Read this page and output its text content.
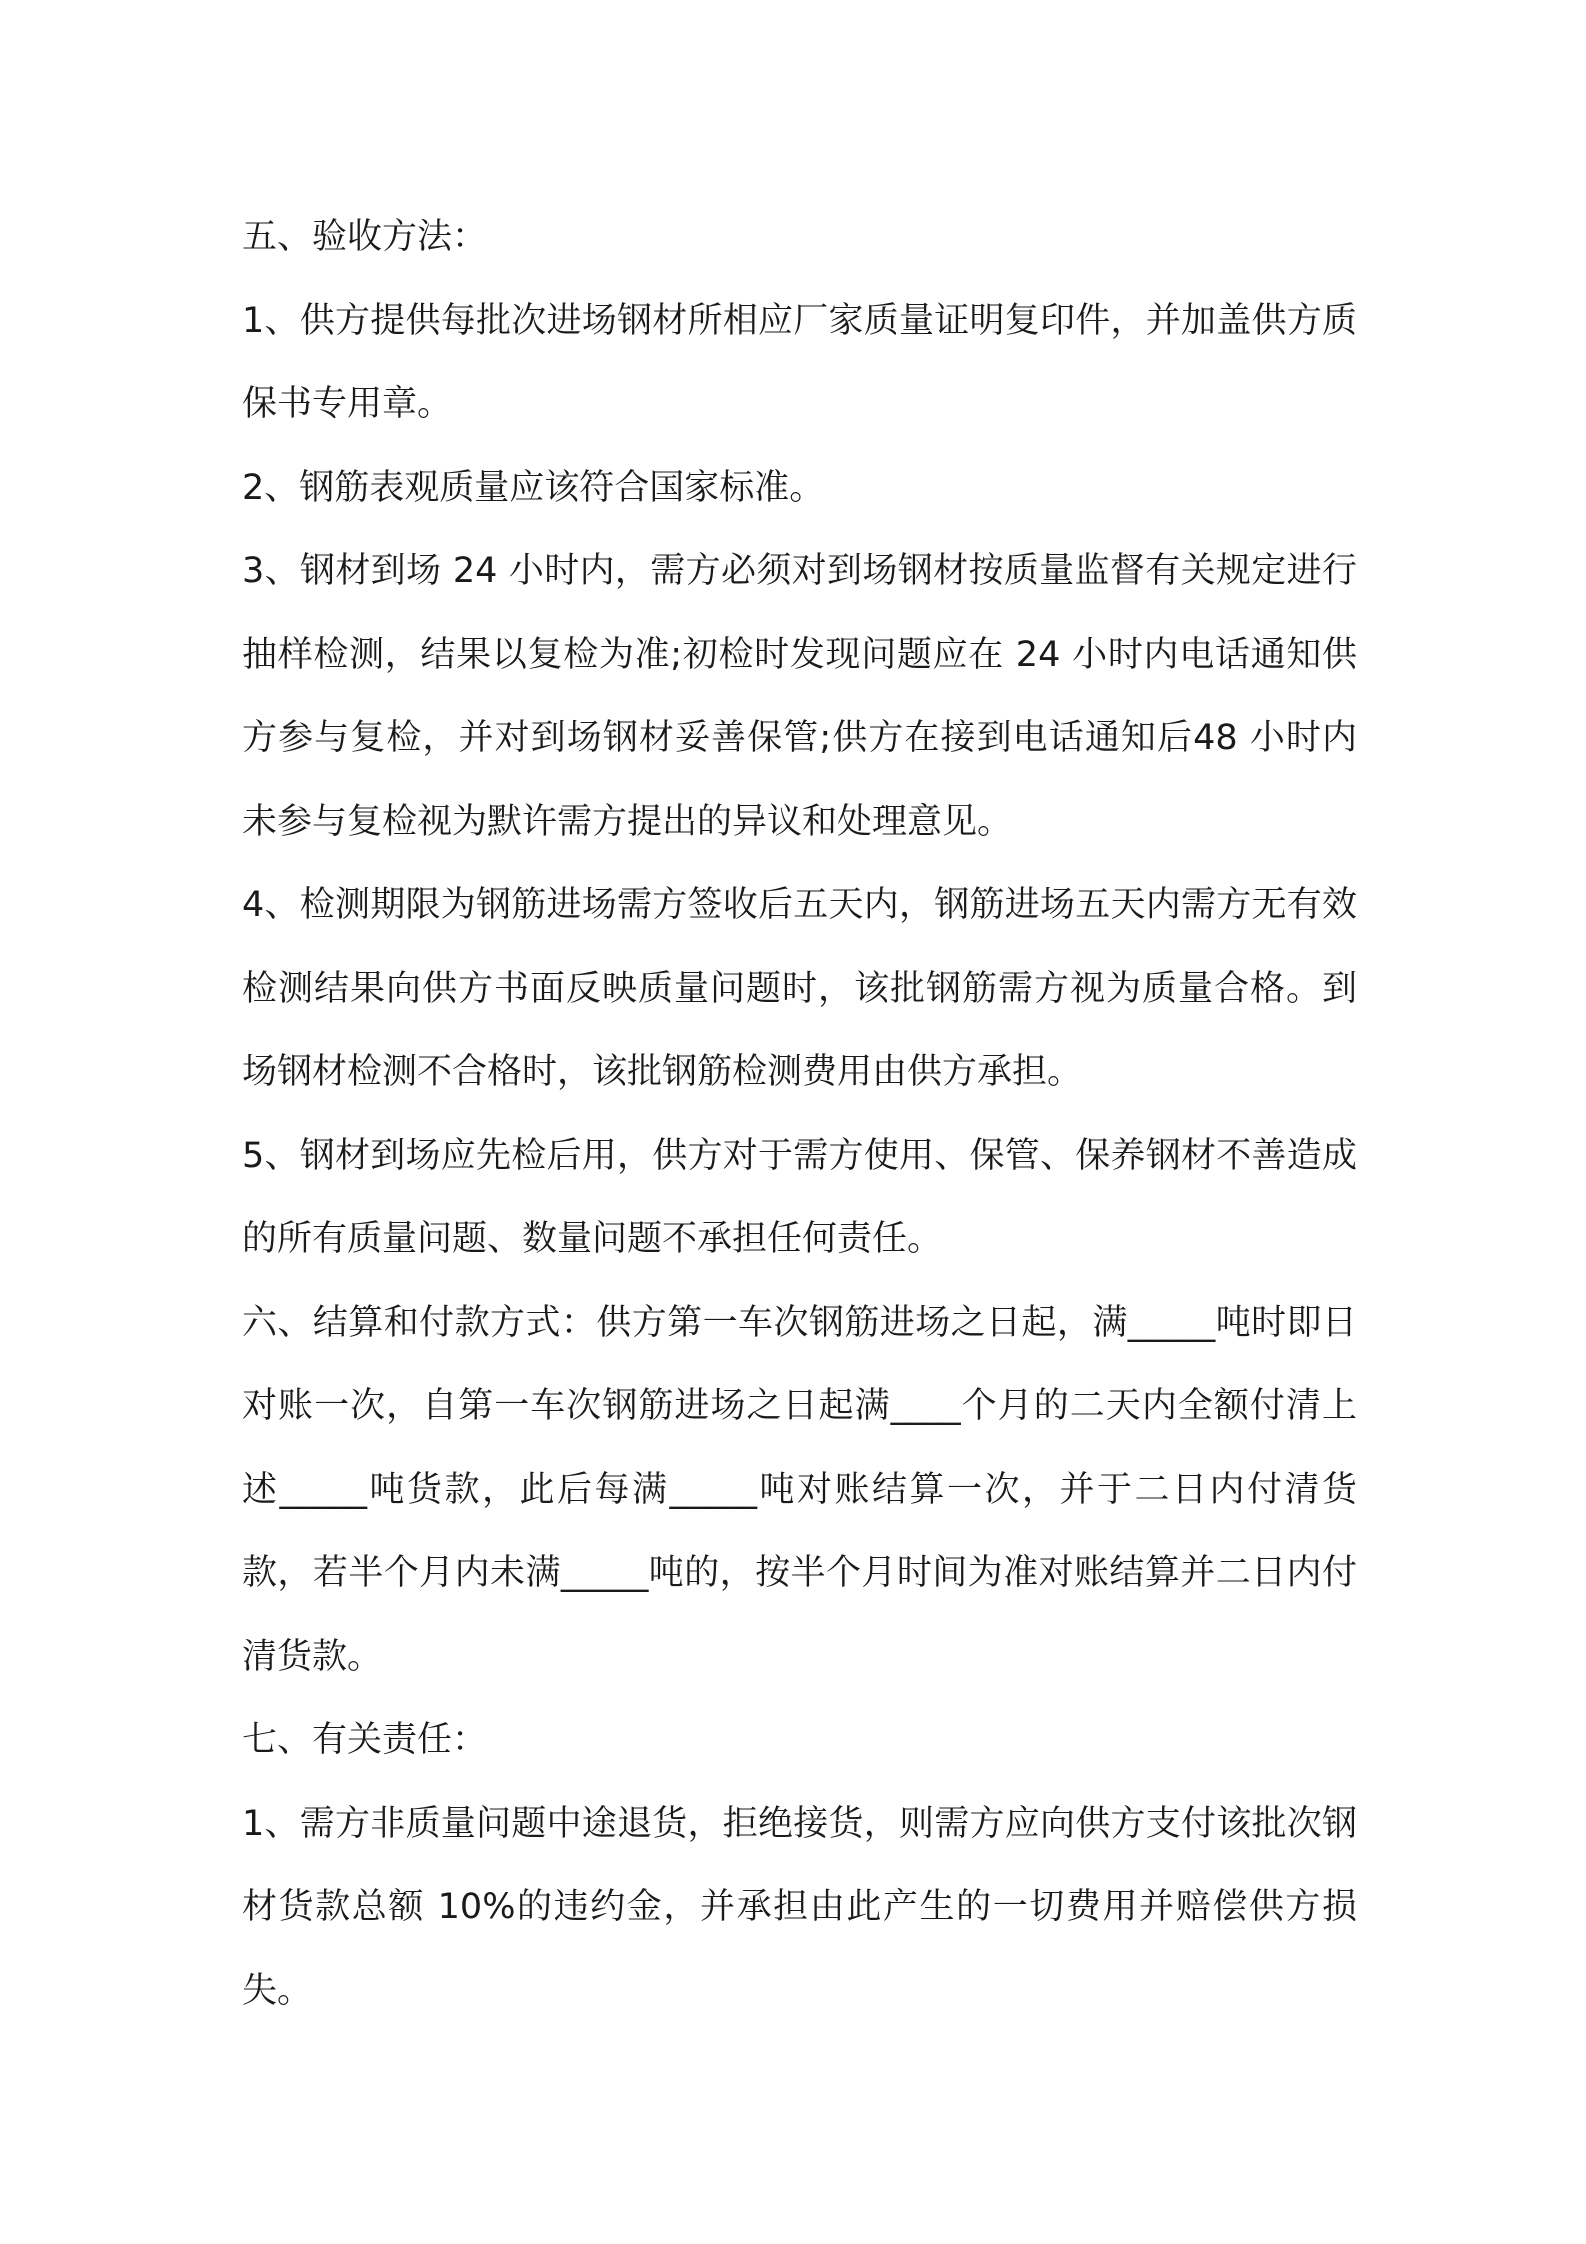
五、验收方法：

1、供方提供每批次进场钢材所相应厂家质量证明复印件，并加盖供方质保书专用章。

2、钢筋表观质量应该符合国家标准。

3、钢材到场 24 小时内，需方必须对到场钢材按质量监督有关规定进行抽样检测，结果以复检为准;初检时发现问题应在 24 小时内电话通知供方参与复检，并对到场钢材妥善保管;供方在接到电话通知后48 小时内未参与复检视为默许需方提出的异议和处理意见。

4、检测期限为钢筋进场需方签收后五天内，钢筋进场五天内需方无有效检测结果向供方书面反映质量问题时，该批钢筋需方视为质量合格。到场钢材检测不合格时，该批钢筋检测费用由供方承担。

5、钢材到场应先检后用，供方对于需方使用、保管、保养钢材不善造成的所有质量问题、数量问题不承担任何责任。

六、结算和付款方式：供方第一车次钢筋进场之日起，满_____吨时即日对账一次，自第一车次钢筋进场之日起满____个月的二天内全额付清上述_____吨货款，此后每满_____吨对账结算一次，并于二日内付清货款，若半个月内未满_____吨的，按半个月时间为准对账结算并二日内付清货款。

七、有关责任：

1、需方非质量问题中途退货，拒绝接货，则需方应向供方支付该批次钢材货款总额 10%的违约金，并承担由此产生的一切费用并赔偿供方损失。
